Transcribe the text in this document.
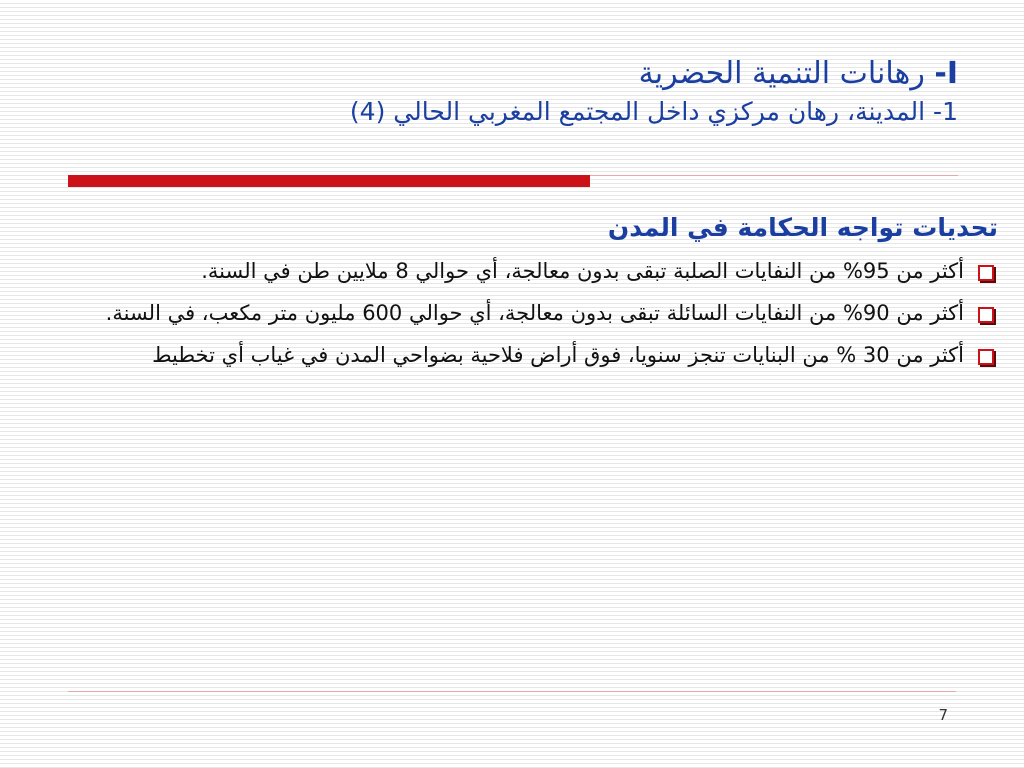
I- رهانات التنمية الحضرية
1- المدينة، رهان مركزي داخل المجتمع المغربي الحالي (4)
تحديات تواجه الحكامة في المدن
أكثر من 95% من النفايات الصلبة تبقى بدون معالجة، أي حوالي 8 ملايين طن في السنة.
أكثر من 90% من النفايات السائلة تبقى بدون معالجة، أي حوالي 600 مليون متر مكعب، في السنة.
أكثر من 30 % من البنايات تنجز سنويا، فوق أراض فلاحية بضواحي المدن في غياب أي تخطيط
7
